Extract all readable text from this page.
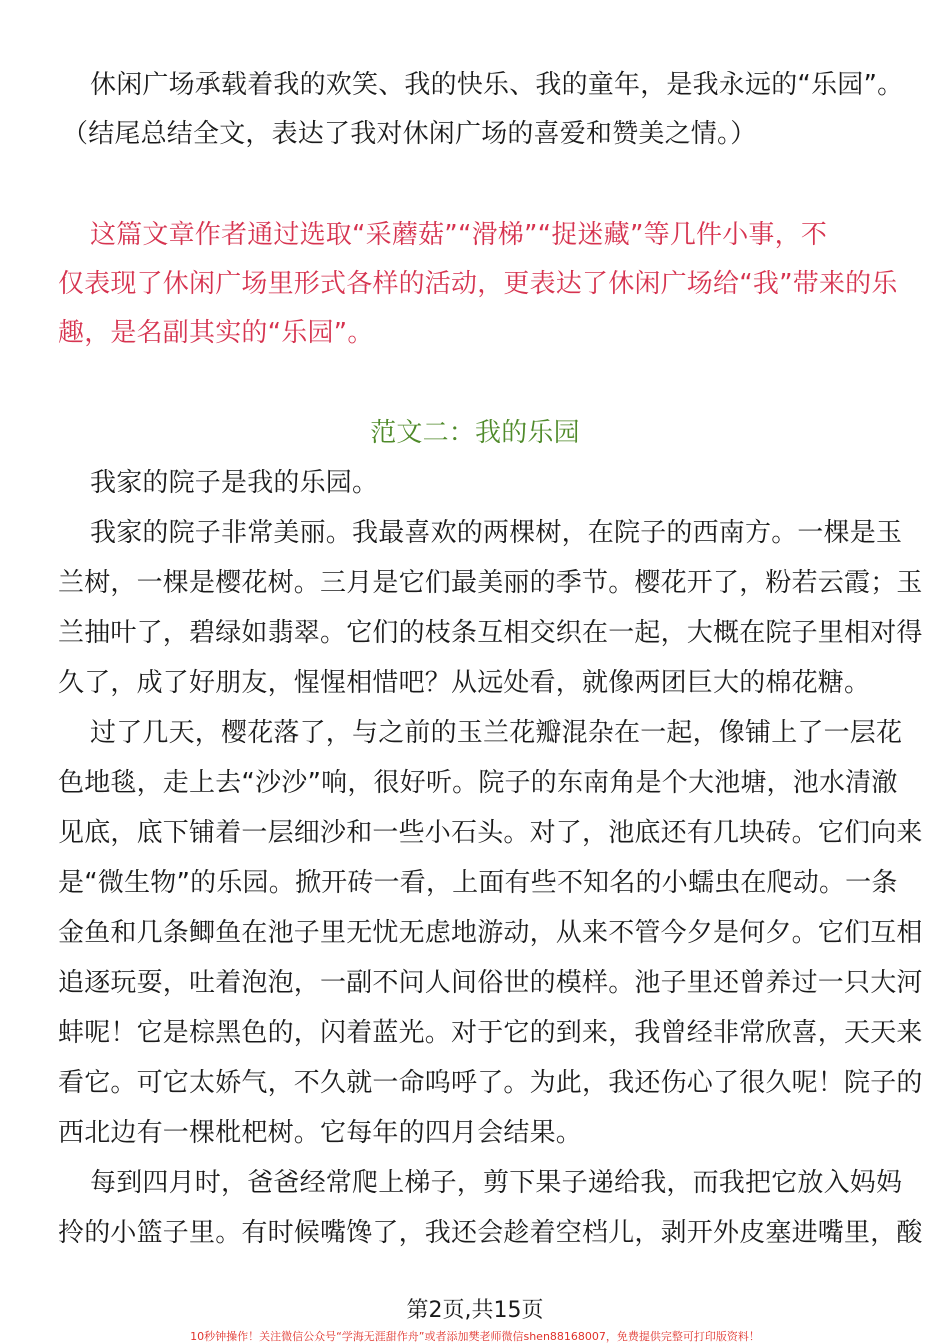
休闲广场承载着我的欢笑、我的快乐、我的童年，是我永远的“乐园”。
（结尾总结全文，表达了我对休闲广场的喜爱和赞美之情。）
这篇文章作者通过选取“采蘑菇”“滑梯”“捉迷藏”等几件小事，不
仅表现了休闲广场里形式各样的活动，更表达了休闲广场给“我”带来的乐
趣，是名副其实的“乐园”。
范文二：我的乐园
我家的院子是我的乐园。
我家的院子非常美丽。我最喜欢的两棵树，在院子的西南方。一棵是玉
兰树，一棵是樱花树。三月是它们最美丽的季节。樱花开了，粉若云霞；玉
兰抽叶了，碧绿如翡翠。它们的枝条互相交织在一起，大概在院子里相对得
久了，成了好朋友，惺惺相惜吧？从远处看，就像两团巨大的棉花糖。
过了几天，樱花落了，与之前的玉兰花瓣混杂在一起，像铺上了一层花
色地毯，走上去“沙沙”响，很好听。院子的东南角是个大池塘，池水清澈
见底，底下铺着一层细沙和一些小石头。对了，池底还有几块砖。它们向来
是“微生物”的乐园。掀开砖一看，上面有些不知名的小蠕虫在爬动。一条
金鱼和几条鲫鱼在池子里无忧无虑地游动，从来不管今夕是何夕。它们互相
追逐玩耍，吐着泡泡，一副不问人间俗世的模样。池子里还曾养过一只大河
蚌呢！它是棕黑色的，闪着蓝光。对于它的到来，我曾经非常欣喜，天天来
看它。可它太娇气，不久就一命呜呼了。为此，我还伤心了很久呢！院子的
西北边有一棵枇杷树。它每年的四月会结果。
每到四月时，爸爸经常爬上梯子，剪下果子递给我，而我把它放入妈妈
拎的小篮子里。有时候嘴馋了，我还会趁着空档儿，剥开外皮塞进嘴里，酸
第2页,共15页
10秒钟操作！关注微信公众号“学海无涯甜作舟”或者添加樊老师微信shen88168007，免费提供完整可打印版资料！
